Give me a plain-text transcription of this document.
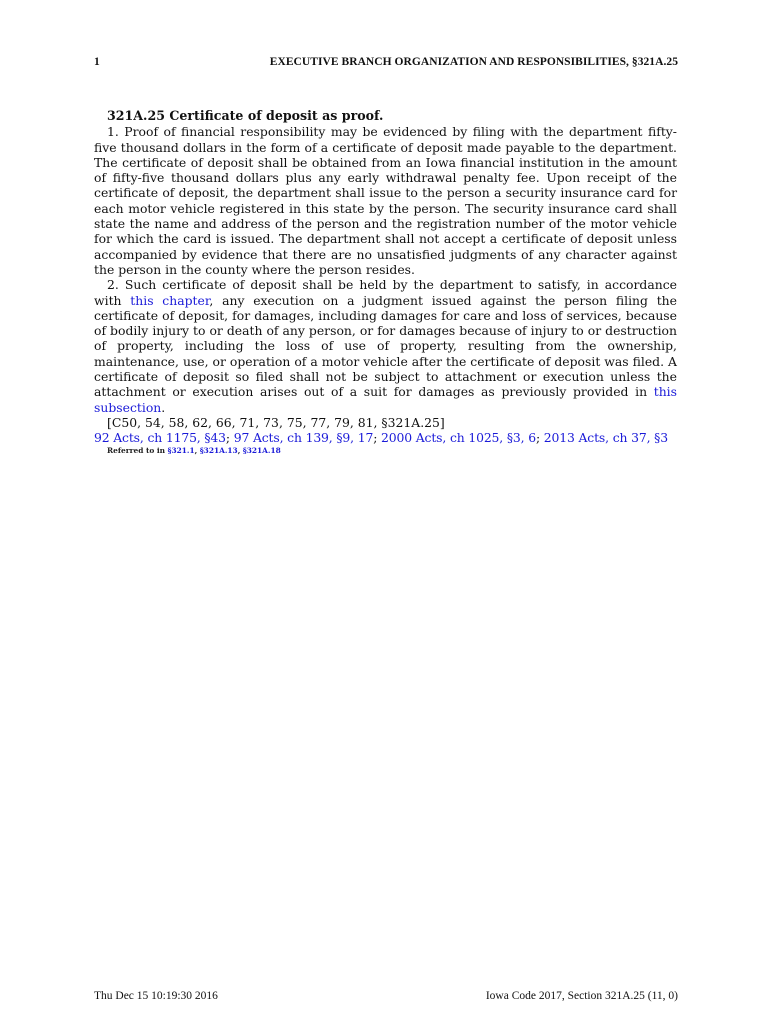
1	EXECUTIVE BRANCH ORGANIZATION AND RESPONSIBILITIES, §321A.25

321A.25 Certificate of deposit as proof.

1. Proof of financial responsibility may be evidenced by filing with the department fifty-five thousand dollars in the form of a certificate of deposit made payable to the department. The certificate of deposit shall be obtained from an Iowa financial institution in the amount of fifty-five thousand dollars plus any early withdrawal penalty fee. Upon receipt of the certificate of deposit, the department shall issue to the person a security insurance card for each motor vehicle registered in this state by the person. The security insurance card shall state the name and address of the person and the registration number of the motor vehicle for which the card is issued. The department shall not accept a certificate of deposit unless accompanied by evidence that there are no unsatisfied judgments of any character against the person in the county where the person resides.

2. Such certificate of deposit shall be held by the department to satisfy, in accordance with this chapter, any execution on a judgment issued against the person filing the certificate of deposit, for damages, including damages for care and loss of services, because of bodily injury to or death of any person, or for damages because of injury to or destruction of property, including the loss of use of property, resulting from the ownership, maintenance, use, or operation of a motor vehicle after the certificate of deposit was filed. A certificate of deposit so filed shall not be subject to attachment or execution unless the attachment or execution arises out of a suit for damages as previously provided in this subsection.

[C50, 54, 58, 62, 66, 71, 73, 75, 77, 79, 81, §321A.25]

92 Acts, ch 1175, §43; 97 Acts, ch 139, §9, 17; 2000 Acts, ch 1025, §3, 6; 2013 Acts, ch 37, §3

Referred to in §321.1, §321A.13, §321A.18

Thu Dec 15 10:19:30 2016	Iowa Code 2017, Section 321A.25 (11, 0)
